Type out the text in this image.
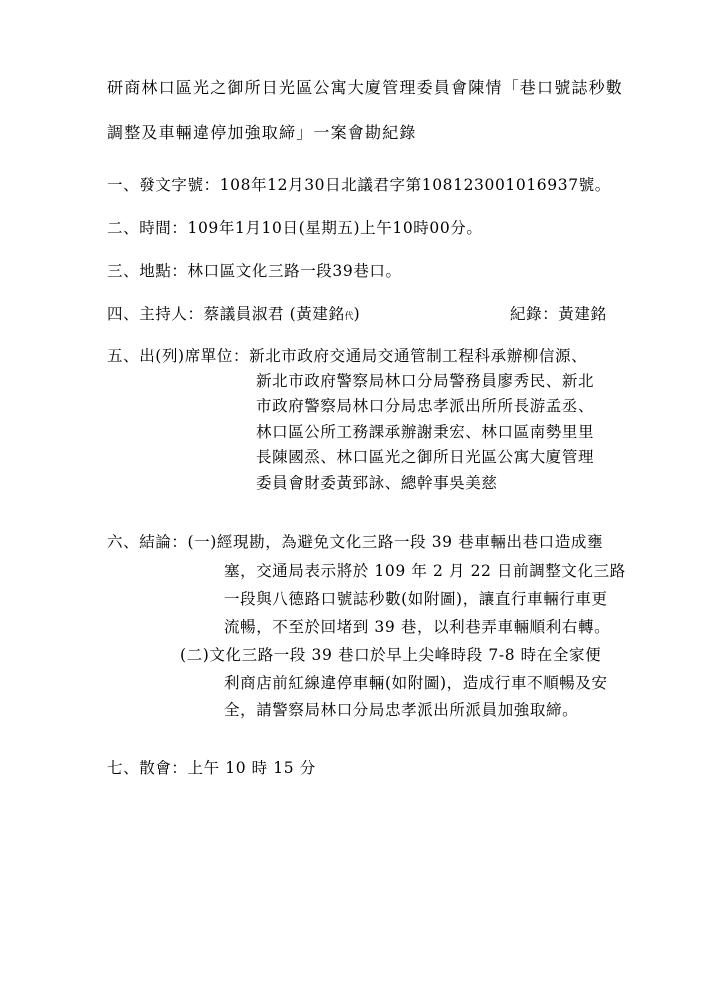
研商林口區光之御所日光區公寓大廈管理委員會陳情「巷口號誌秒數
調整及車輛違停加強取締」一案會勘紀錄
一、發文字號：108年12月30日北議君字第108123001016937號。
二、時間：109年1月10日(星期五)上午10時00分。
三、地點：林口區文化三路一段39巷口。
四、主持人：蔡議員淑君 (黃建銘代)	紀錄：黃建銘
五、出(列)席單位：新北市政府交通局交通管制工程科承辦柳信源、
新北市政府警察局林口分局警務員廖秀民、新北
市政府警察局林口分局忠孝派出所所長游孟丞、
林口區公所工務課承辦謝秉宏、林口區南勢里里
長陳國烝、林口區光之御所日光區公寓大廈管理
委員會財委黃郅詠、總幹事吳美慈
六、結論：(一)經現勘，為避免文化三路一段 39 巷車輛出巷口造成壅
塞，交通局表示將於 109 年 2 月 22 日前調整文化三路
一段與八德路口號誌秒數(如附圖)，讓直行車輛行車更
流暢，不至於回堵到 39 巷，以利巷弄車輛順利右轉。
(二)文化三路一段 39 巷口於早上尖峰時段 7-8 時在全家便
利商店前紅線違停車輛(如附圖)，造成行車不順暢及安
全，請警察局林口分局忠孝派出所派員加強取締。
七、散會：上午 10 時 15 分
